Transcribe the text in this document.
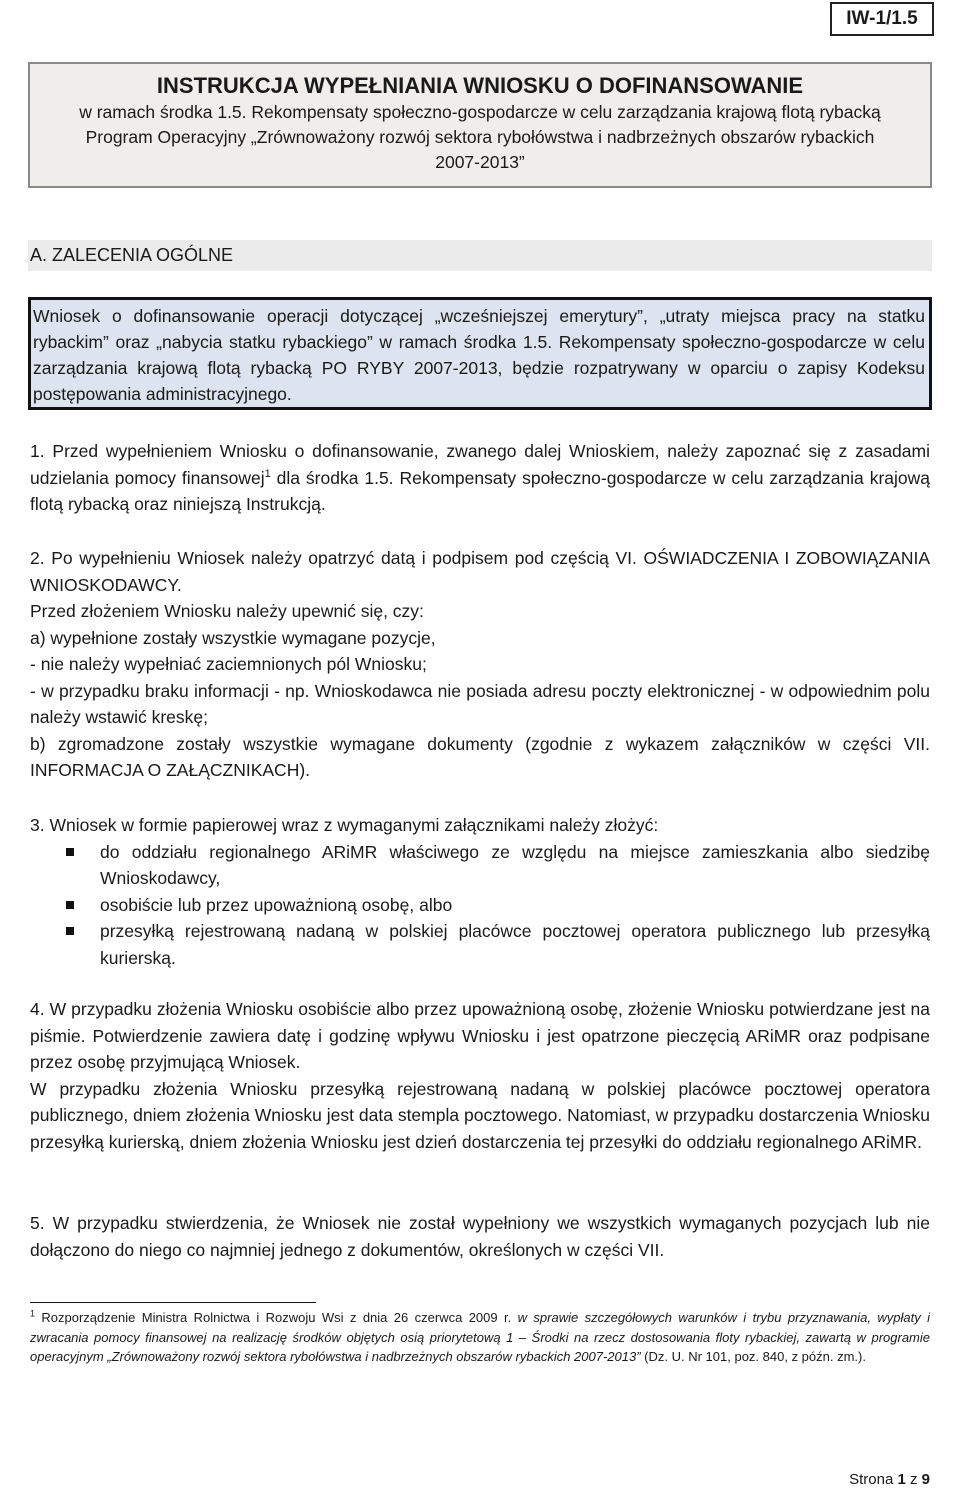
IW-1/1.5
INSTRUKCJA WYPEŁNIANIA WNIOSKU O DOFINANSOWANIE
w ramach środka 1.5. Rekompensaty społeczno-gospodarcze w celu zarządzania krajową flotą rybacką
Program Operacyjny „Zrównoważony rozwój sektora rybołówstwa i nadbrzeżnych obszarów rybackich
2007-2013”
A. ZALECENIA OGÓLNE
Wniosek o dofinansowanie operacji dotyczącej „wcześniejszej emerytury”, „utraty miejsca pracy na statku rybackim” oraz „nabycia statku rybackiego” w ramach środka 1.5. Rekompensaty społeczno-gospodarcze w celu zarządzania krajową flotą rybacką PO RYBY 2007-2013, będzie rozpatrywany w oparciu o zapisy Kodeksu postępowania administracyjnego.

1. Przed wypełnieniem Wniosku o dofinansowanie, zwanego dalej Wnioskiem, należy zapoznać się z zasadami udzielania pomocy finansowej$^1$ dla środka 1.5. Rekompensaty społeczno-gospodarcze w celu zarządzania krajową flotą rybacką oraz niniejszą Instrukcją.

2. Po wypełnieniu Wniosek należy opatrzyć datą i podpisem pod częścią VI. OŚWIADCZENIA I ZOBOWIĄZANIA WNIOSKODAWCY.

Przed złożeniem Wniosku należy upewnić się, czy:

a) wypełnione zostały wszystkie wymagane pozycje,

- nie należy wypełniać zaciemnionych pól Wniosku;

- w przypadku braku informacji - np. Wnioskodawca nie posiada adresu poczty elektronicznej - w odpowiednim polu należy wstawić kreskę;

b) zgromadzone zostały wszystkie wymagane dokumenty (zgodnie z wykazem załączników w części VII. INFORMACJA O ZAŁĄCZNIKACH).

3. Wniosek w formie papierowej wraz z wymaganymi załącznikami należy złożyć:

do oddziału regionalnego ARiMR właściwego ze względu na miejsce zamieszkania albo siedzibę Wnioskodawcy,
osobiście lub przez upoważnioną osobę, albo
przesyłką rejestrowaną nadaną w polskiej placówce pocztowej operatora publicznego lub przesyłką kurierską.

4. W przypadku złożenia Wniosku osobiście albo przez upoważnioną osobę, złożenie Wniosku potwierdzane jest na piśmie. Potwierdzenie zawiera datę i godzinę wpływu Wniosku i jest opatrzone pieczęcią ARiMR oraz podpisane przez osobę przyjmującą Wniosek.

W przypadku złożenia Wniosku przesyłką rejestrowaną nadaną w polskiej placówce pocztowej operatora publicznego, dniem złożenia Wniosku jest data stempla pocztowego. Natomiast, w przypadku dostarczenia Wniosku przesyłką kurierską, dniem złożenia Wniosku jest dzień dostarczenia tej przesyłki do oddziału regionalnego ARiMR.

5. W przypadku stwierdzenia, że Wniosek nie został wypełniony we wszystkich wymaganych pozycjach lub nie dołączono do niego co najmniej jednego z dokumentów, określonych w części VII.

$^1$ Rozporządzenie Ministra Rolnictwa i Rozwoju Wsi z dnia 26 czerwca 2009 r. w sprawie szczegółowych warunków i trybu przyznawania, wypłaty i zwracania pomocy finansowej na realizację środków objętych osią priorytetową 1 – Środki na rzecz dostosowania floty rybackiej, zawartą w programie operacyjnym „Zrównoważony rozwój sektora rybołówstwa i nadbrzeżnych obszarów rybackich 2007-2013” (Dz. U. Nr 101, poz. 840, z późn. zm.).
Strona 1 z 9
